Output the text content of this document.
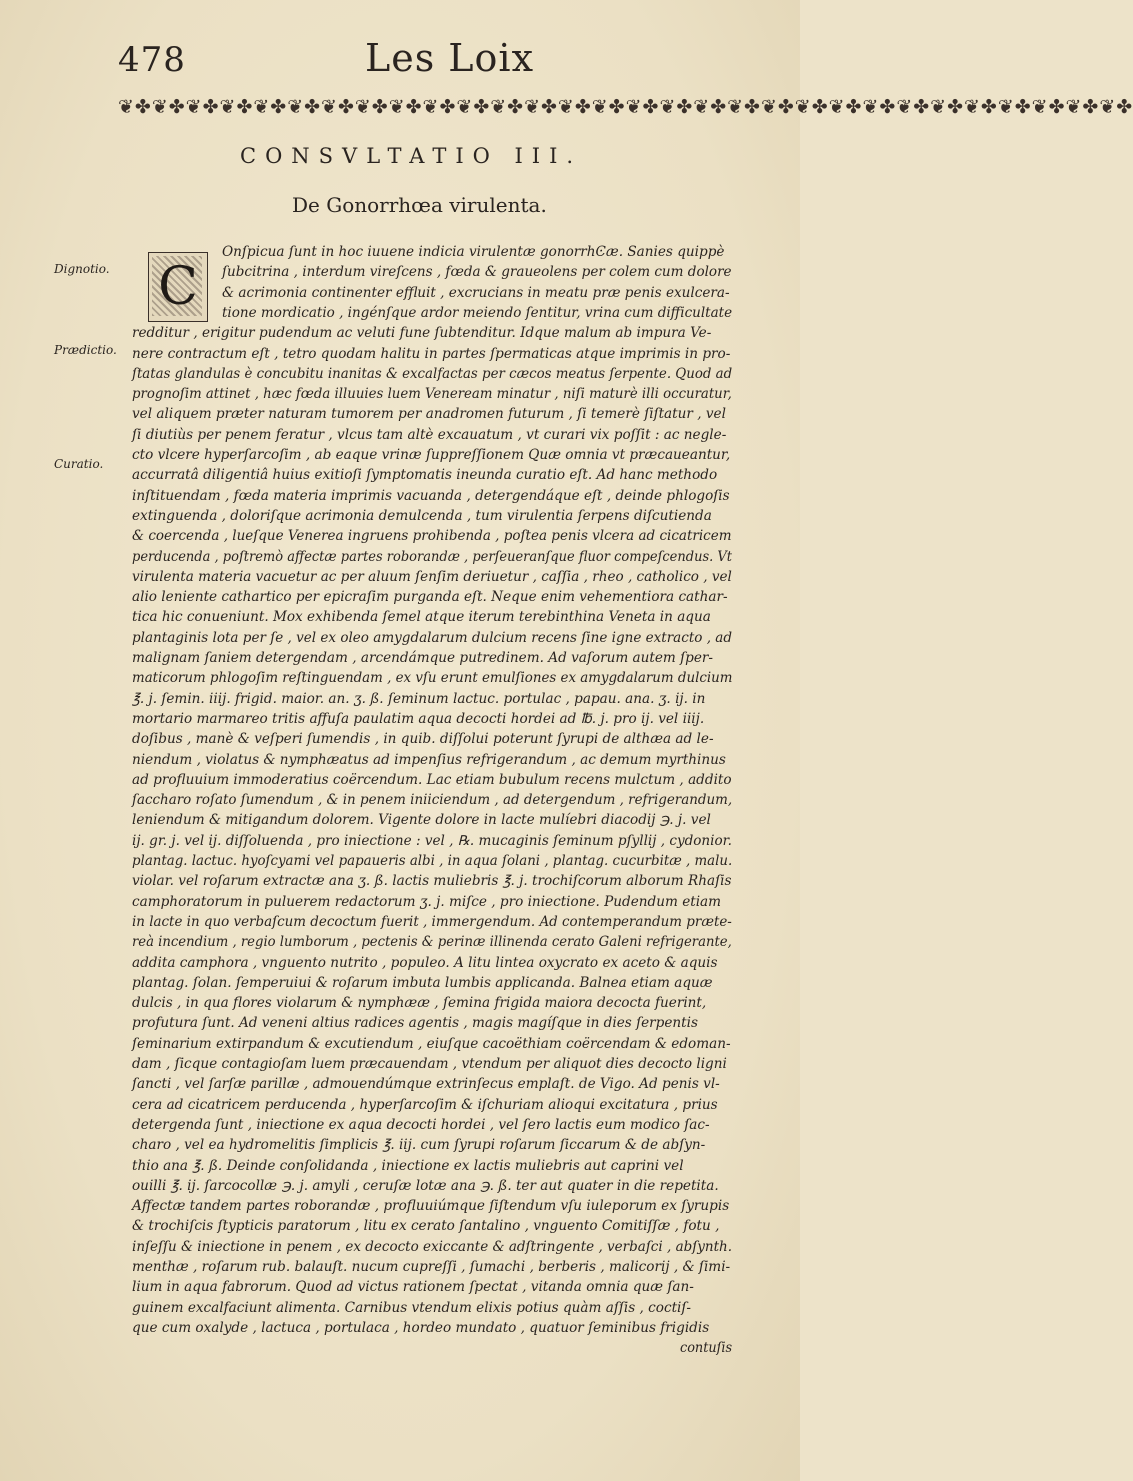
478	Les Loix
❦✤❦✤❦✤❦✤❦✤❦✤❦✤❦✤❦✤❦✤❦✤❦✤❦✤❦✤❦✤❦✤❦✤❦✤❦✤❦✤❦✤❦✤❦✤❦✤❦✤❦✤❦✤❦✤❦✤❦✤
CONSVLTATIO III.
De Gonorrhœa virulenta.
Dignotio.
Prædictio.
Curatio.
C
Onſpicua ſunt in hoc iuuene indicia virulentæ gonorrhϾæ. Sanies quippè
ſubcitrina , interdum vireſcens , fœda & graueolens per colem cum dolore
& acrimonia continenter effluit , excrucians in meatu præ penis exulcera-
tione mordicatio , ingénſque ardor meiendo ſentitur, vrina cum difficultate
redditur , erigitur pudendum ac veluti fune ſubtenditur. Idque malum ab impura Ve-
nere contractum eſt , tetro quodam halitu in partes ſpermaticas atque imprimis in pro-
ſtatas glandulas è concubitu inanitas & excalfactas per cæcos meatus ſerpente. Quod ad
prognoſim attinet , hæc fœda illuuies luem Veneream minatur , niſi maturè illi occuratur,
vel aliquem præter naturam tumorem per anadromen futurum , ſi temerè ſiſtatur , vel
ſi diutiùs per penem feratur , vlcus tam altè excauatum , vt curari vix poſſit : ac negle-
cto vlcere hyperſarcoſim , ab eaque vrinæ ſuppreſſionem Quæ omnia vt præcaueantur,
accurratâ diligentiâ huius exitioſi ſymptomatis ineunda curatio eſt. Ad hanc methodo
inſtituendam , fœda materia imprimis vacuanda , detergendáque eſt , deinde phlogoſis
extinguenda , doloriſque acrimonia demulcenda , tum virulentia ſerpens diſcutienda
& coercenda , lueſque Venerea ingruens prohibenda , poſtea penis vlcera ad cicatricem
perducenda , poſtremò affectæ partes roborandæ , perſeueranſque fluor compeſcendus. Vt
virulenta materia vacuetur ac per aluum ſenſim deriuetur , caſſia , rheo , catholico , vel
alio leniente cathartico per epicraſim purganda eſt. Neque enim vehementiora cathar-
tica hic conueniunt. Mox exhibenda ſemel atque iterum terebinthina Veneta in aqua
plantaginis lota per ſe , vel ex oleo amygdalarum dulcium recens ſine igne extracto , ad
malignam ſaniem detergendam , arcendámque putredinem. Ad vaſorum autem ſper-
maticorum phlogoſim reſtinguendam , ex vſu erunt emulſiones ex amygdalarum dulcium
℥. j. ſemin. iiij. frigid. maior. an. ʒ. ß. ſeminum lactuc. portulac , papau. ana. ʒ. ij. in
mortario marmareo tritis affuſa paulatim aqua decocti hordei ad ℔. j. pro ij. vel iiij.
doſibus , manè & veſperi ſumendis , in quib. diſſolui poterunt ſyrupi de althæa ad le-
niendum , violatus & nymphæatus ad impenſius refrigerandum , ac demum myrthinus
ad profluuium immoderatius coërcendum. Lac etiam bubulum recens mulctum , addito
ſaccharo roſato ſumendum , & in penem iniiciendum , ad detergendum , refrigerandum,
leniendum & mitigandum dolorem. Vigente dolore in lacte mulíebri diacodij ℈. j. vel
ij. gr. j. vel ij. diſſoluenda , pro iniectione : vel , ℞. mucaginis ſeminum pſyllij , cydonior.
plantag. lactuc. hyoſcyami vel papaueris albi , in aqua ſolani , plantag. cucurbitæ , malu.
violar. vel roſarum extractæ ana ʒ. ß. lactis muliebris ℥. j. trochiſcorum alborum Rhaſis
camphoratorum in puluerem redactorum ʒ. j. miſce , pro iniectione. Pudendum etiam
in lacte in quo verbaſcum decoctum fuerit , immergendum. Ad contemperandum præte-
reà incendium , regio lumborum , pectenis & perinæ illinenda cerato Galeni refrigerante,
addita camphora , vnguento nutrito , populeo. A litu lintea oxycrato ex aceto & aquis
plantag. ſolan. ſemperuiui & roſarum imbuta lumbis applicanda. Balnea etiam aquæ
dulcis , in qua flores violarum & nymphææ , ſemina frigida maiora decocta fuerint,
profutura ſunt. Ad veneni altius radices agentis , magis magíſque in dies ſerpentis
ſeminarium extirpandum & excutiendum , eiuſque cacoëthiam coërcendam & edoman-
dam , ſicque contagioſam luem præcauendam , vtendum per aliquot dies decocto ligni
ſancti , vel ſarſæ parillæ , admouendúmque extrinſecus emplaſt. de Vigo. Ad penis vl-
cera ad cicatricem perducenda , hyperſarcoſim & iſchuriam alioqui excitatura , prius
detergenda ſunt , iniectione ex aqua decocti hordei , vel ſero lactis eum modico ſac-
charo , vel ea hydromelitis ſimplicis ℥. iij. cum ſyrupi roſarum ſiccarum & de abſyn-
thio ana ℥. ß. Deinde conſolidanda , iniectione ex lactis muliebris aut caprini vel
ouilli ℥. ij. ſarcocollæ ℈. j. amyli , ceruſæ lotæ ana ℈. ß. ter aut quater in die repetita.
Affectæ tandem partes roborandæ , profluuiúmque ſiſtendum vſu iuleporum ex ſyrupis
& trochiſcis ſtypticis paratorum , litu ex cerato ſantalino , vnguento Comitiſſæ , fotu ,
inſeſſu & iniectione in penem , ex decocto exiccante & adſtringente , verbaſci , abſynth.
menthæ , roſarum rub. balauſt. nucum cupreſſi , ſumachi , berberis , malicorij , & ſimi-
lium in aqua fabrorum. Quod ad victus rationem ſpectat , vitanda omnia quæ ſan-
guinem excalfaciunt alimenta. Carnibus vtendum elixis potius quàm aſſis , coctiſ-
que cum oxalyde , lactuca , portulaca , hordeo mundato , quatuor ſeminibus frigidis
contuſis
